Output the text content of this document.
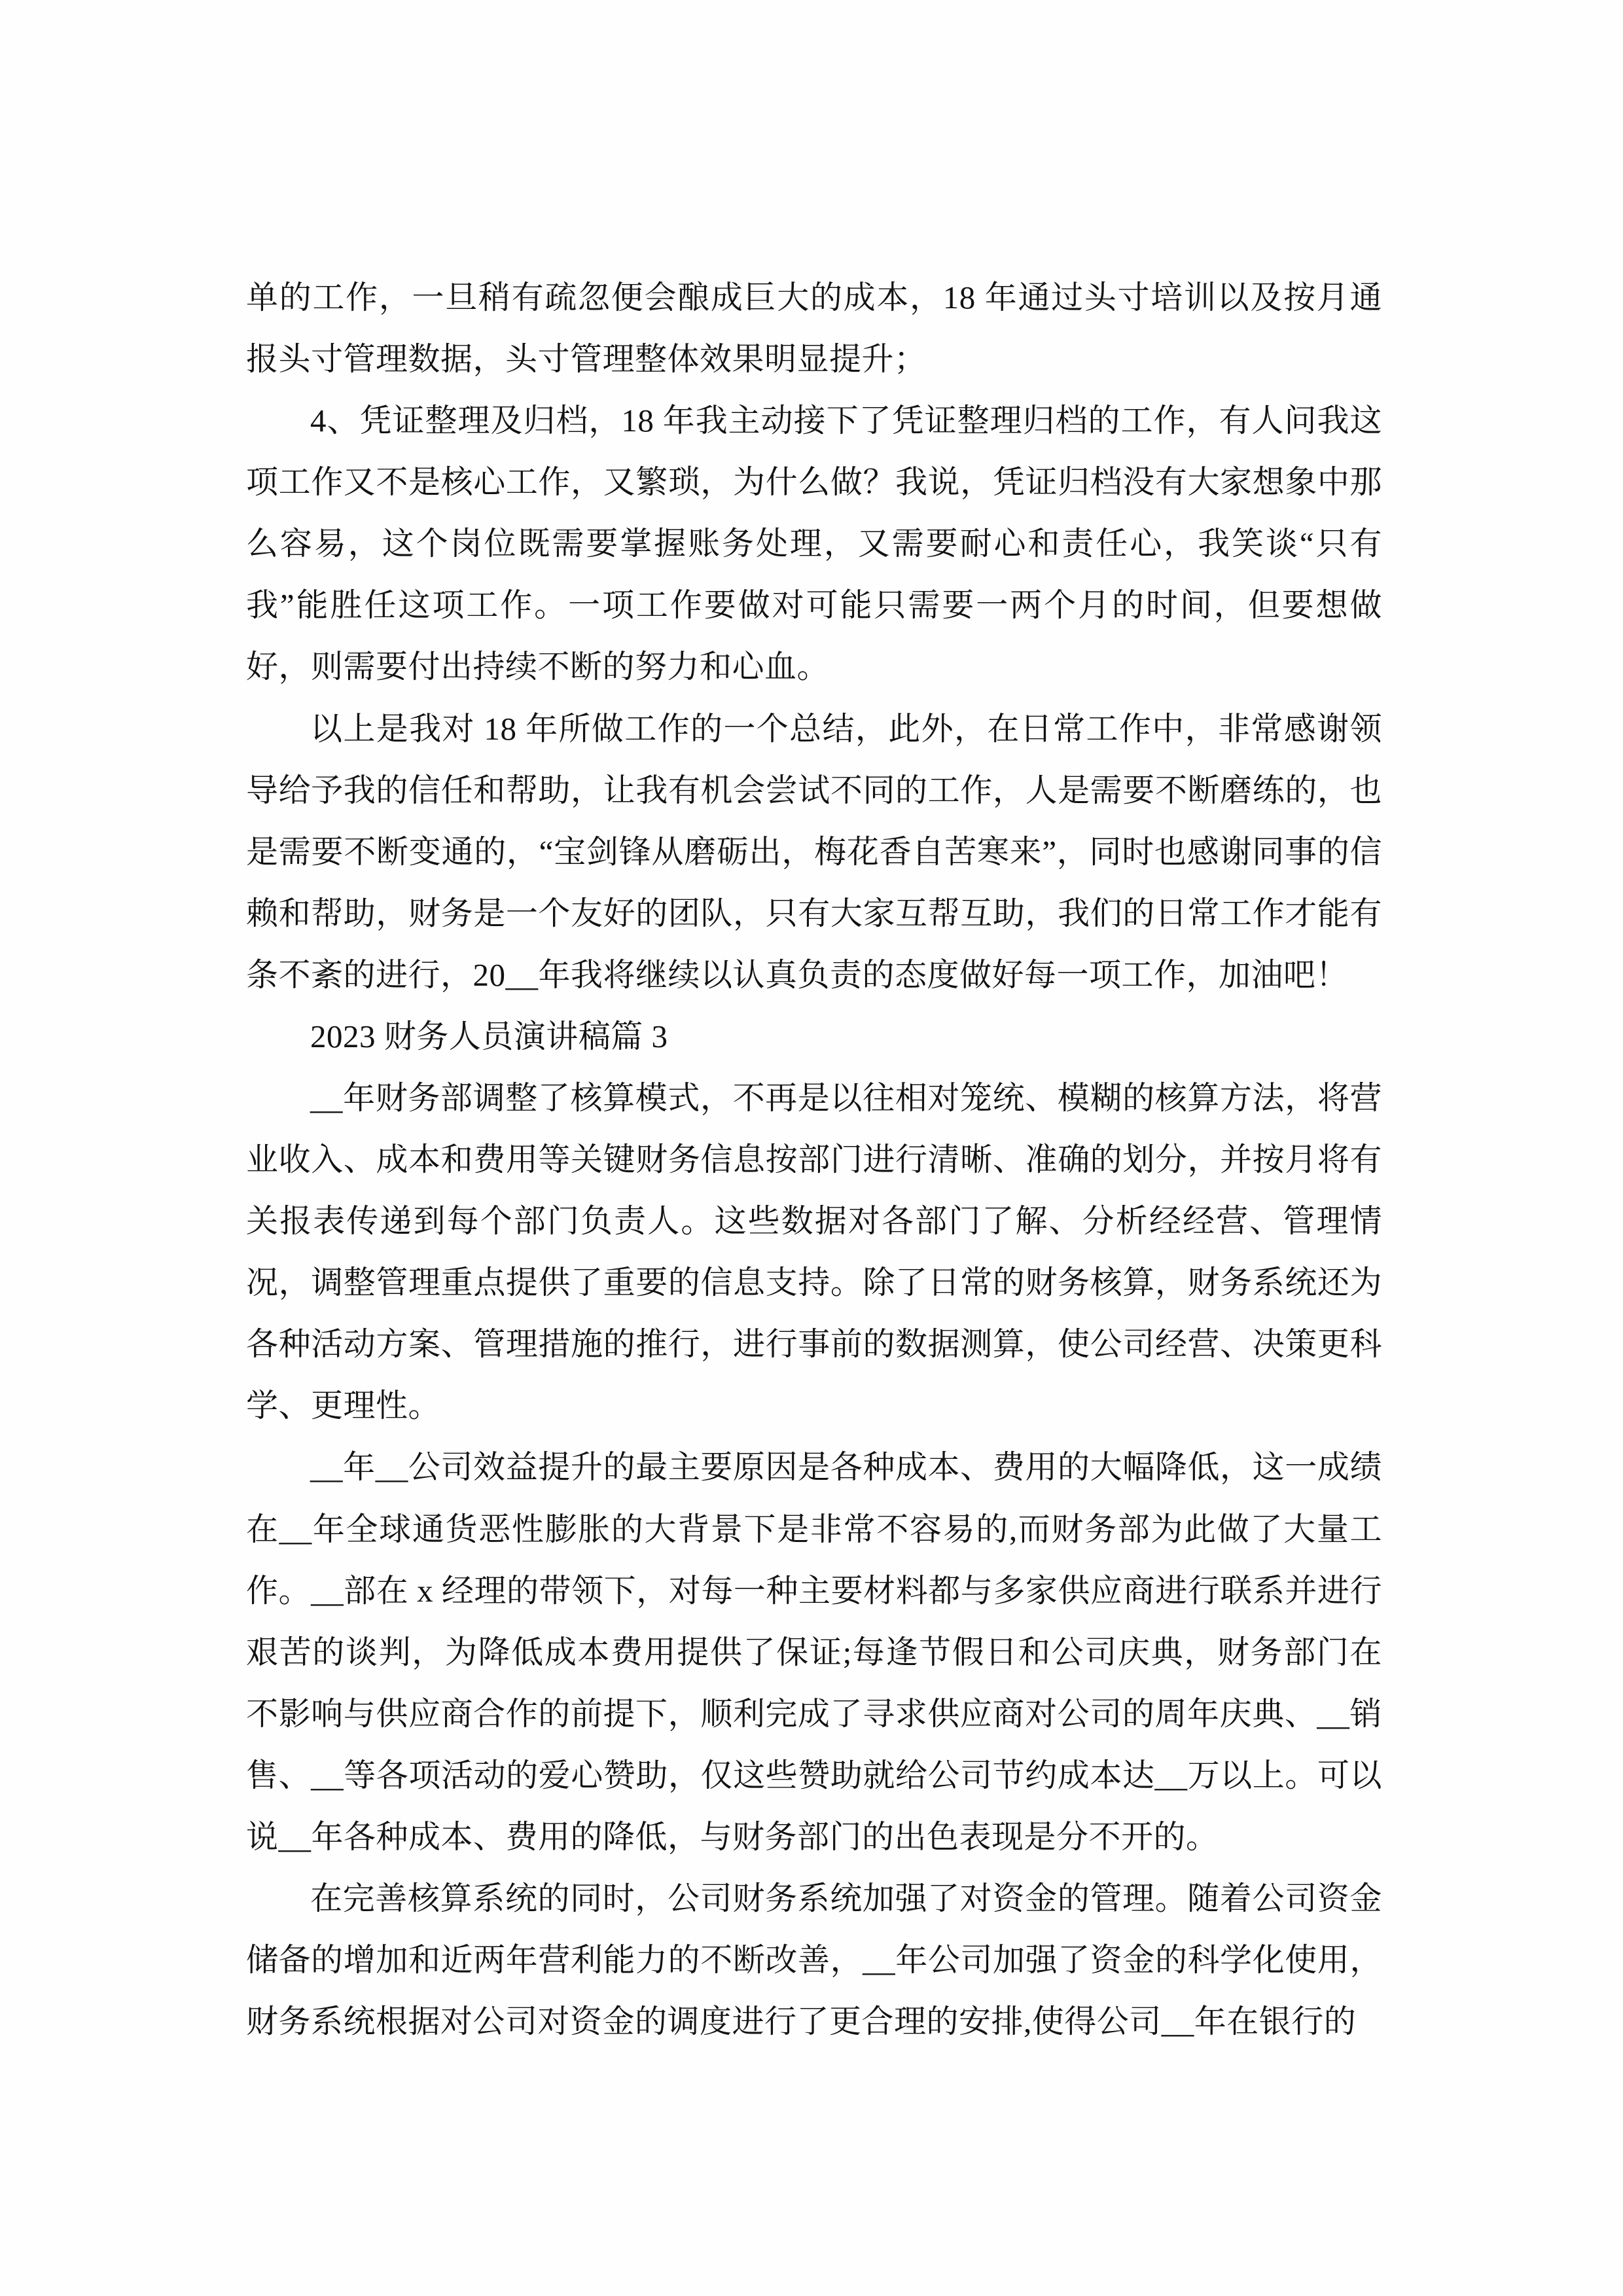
单的工作，一旦稍有疏忽便会酿成巨大的成本，18 年通过头寸培训以及按月通报头寸管理数据，头寸管理整体效果明显提升；

4、凭证整理及归档，18 年我主动接下了凭证整理归档的工作，有人问我这项工作又不是核心工作，又繁琐，为什么做？我说，凭证归档没有大家想象中那么容易，这个岗位既需要掌握账务处理，又需要耐心和责任心，我笑谈“只有我”能胜任这项工作。一项工作要做对可能只需要一两个月的时间，但要想做好，则需要付出持续不断的努力和心血。

以上是我对 18 年所做工作的一个总结，此外，在日常工作中，非常感谢领导给予我的信任和帮助，让我有机会尝试不同的工作，人是需要不断磨练的，也是需要不断变通的，“宝剑锋从磨砺出，梅花香自苦寒来”，同时也感谢同事的信赖和帮助，财务是一个友好的团队，只有大家互帮互助，我们的日常工作才能有条不紊的进行，20__年我将继续以认真负责的态度做好每一项工作，加油吧！

2023 财务人员演讲稿篇 3

__年财务部调整了核算模式，不再是以往相对笼统、模糊的核算方法，将营业收入、成本和费用等关键财务信息按部门进行清晰、准确的划分，并按月将有关报表传递到每个部门负责人。这些数据对各部门了解、分析经经营、管理情况，调整管理重点提供了重要的信息支持。除了日常的财务核算，财务系统还为各种活动方案、管理措施的推行，进行事前的数据测算，使公司经营、决策更科学、更理性。

__年__公司效益提升的最主要原因是各种成本、费用的大幅降低，这一成绩在__年全球通货恶性膨胀的大背景下是非常不容易的,而财务部为此做了大量工作。__部在 x 经理的带领下，对每一种主要材料都与多家供应商进行联系并进行艰苦的谈判，为降低成本费用提供了保证;每逢节假日和公司庆典，财务部门在不影响与供应商合作的前提下，顺利完成了寻求供应商对公司的周年庆典、__销售、__等各项活动的爱心赞助，仅这些赞助就给公司节约成本达__万以上。可以说__年各种成本、费用的降低，与财务部门的出色表现是分不开的。

在完善核算系统的同时，公司财务系统加强了对资金的管理。随着公司资金储备的增加和近两年营利能力的不断改善，__年公司加强了资金的科学化使用，财务系统根据对公司对资金的调度进行了更合理的安排,使得公司__年在银行的
